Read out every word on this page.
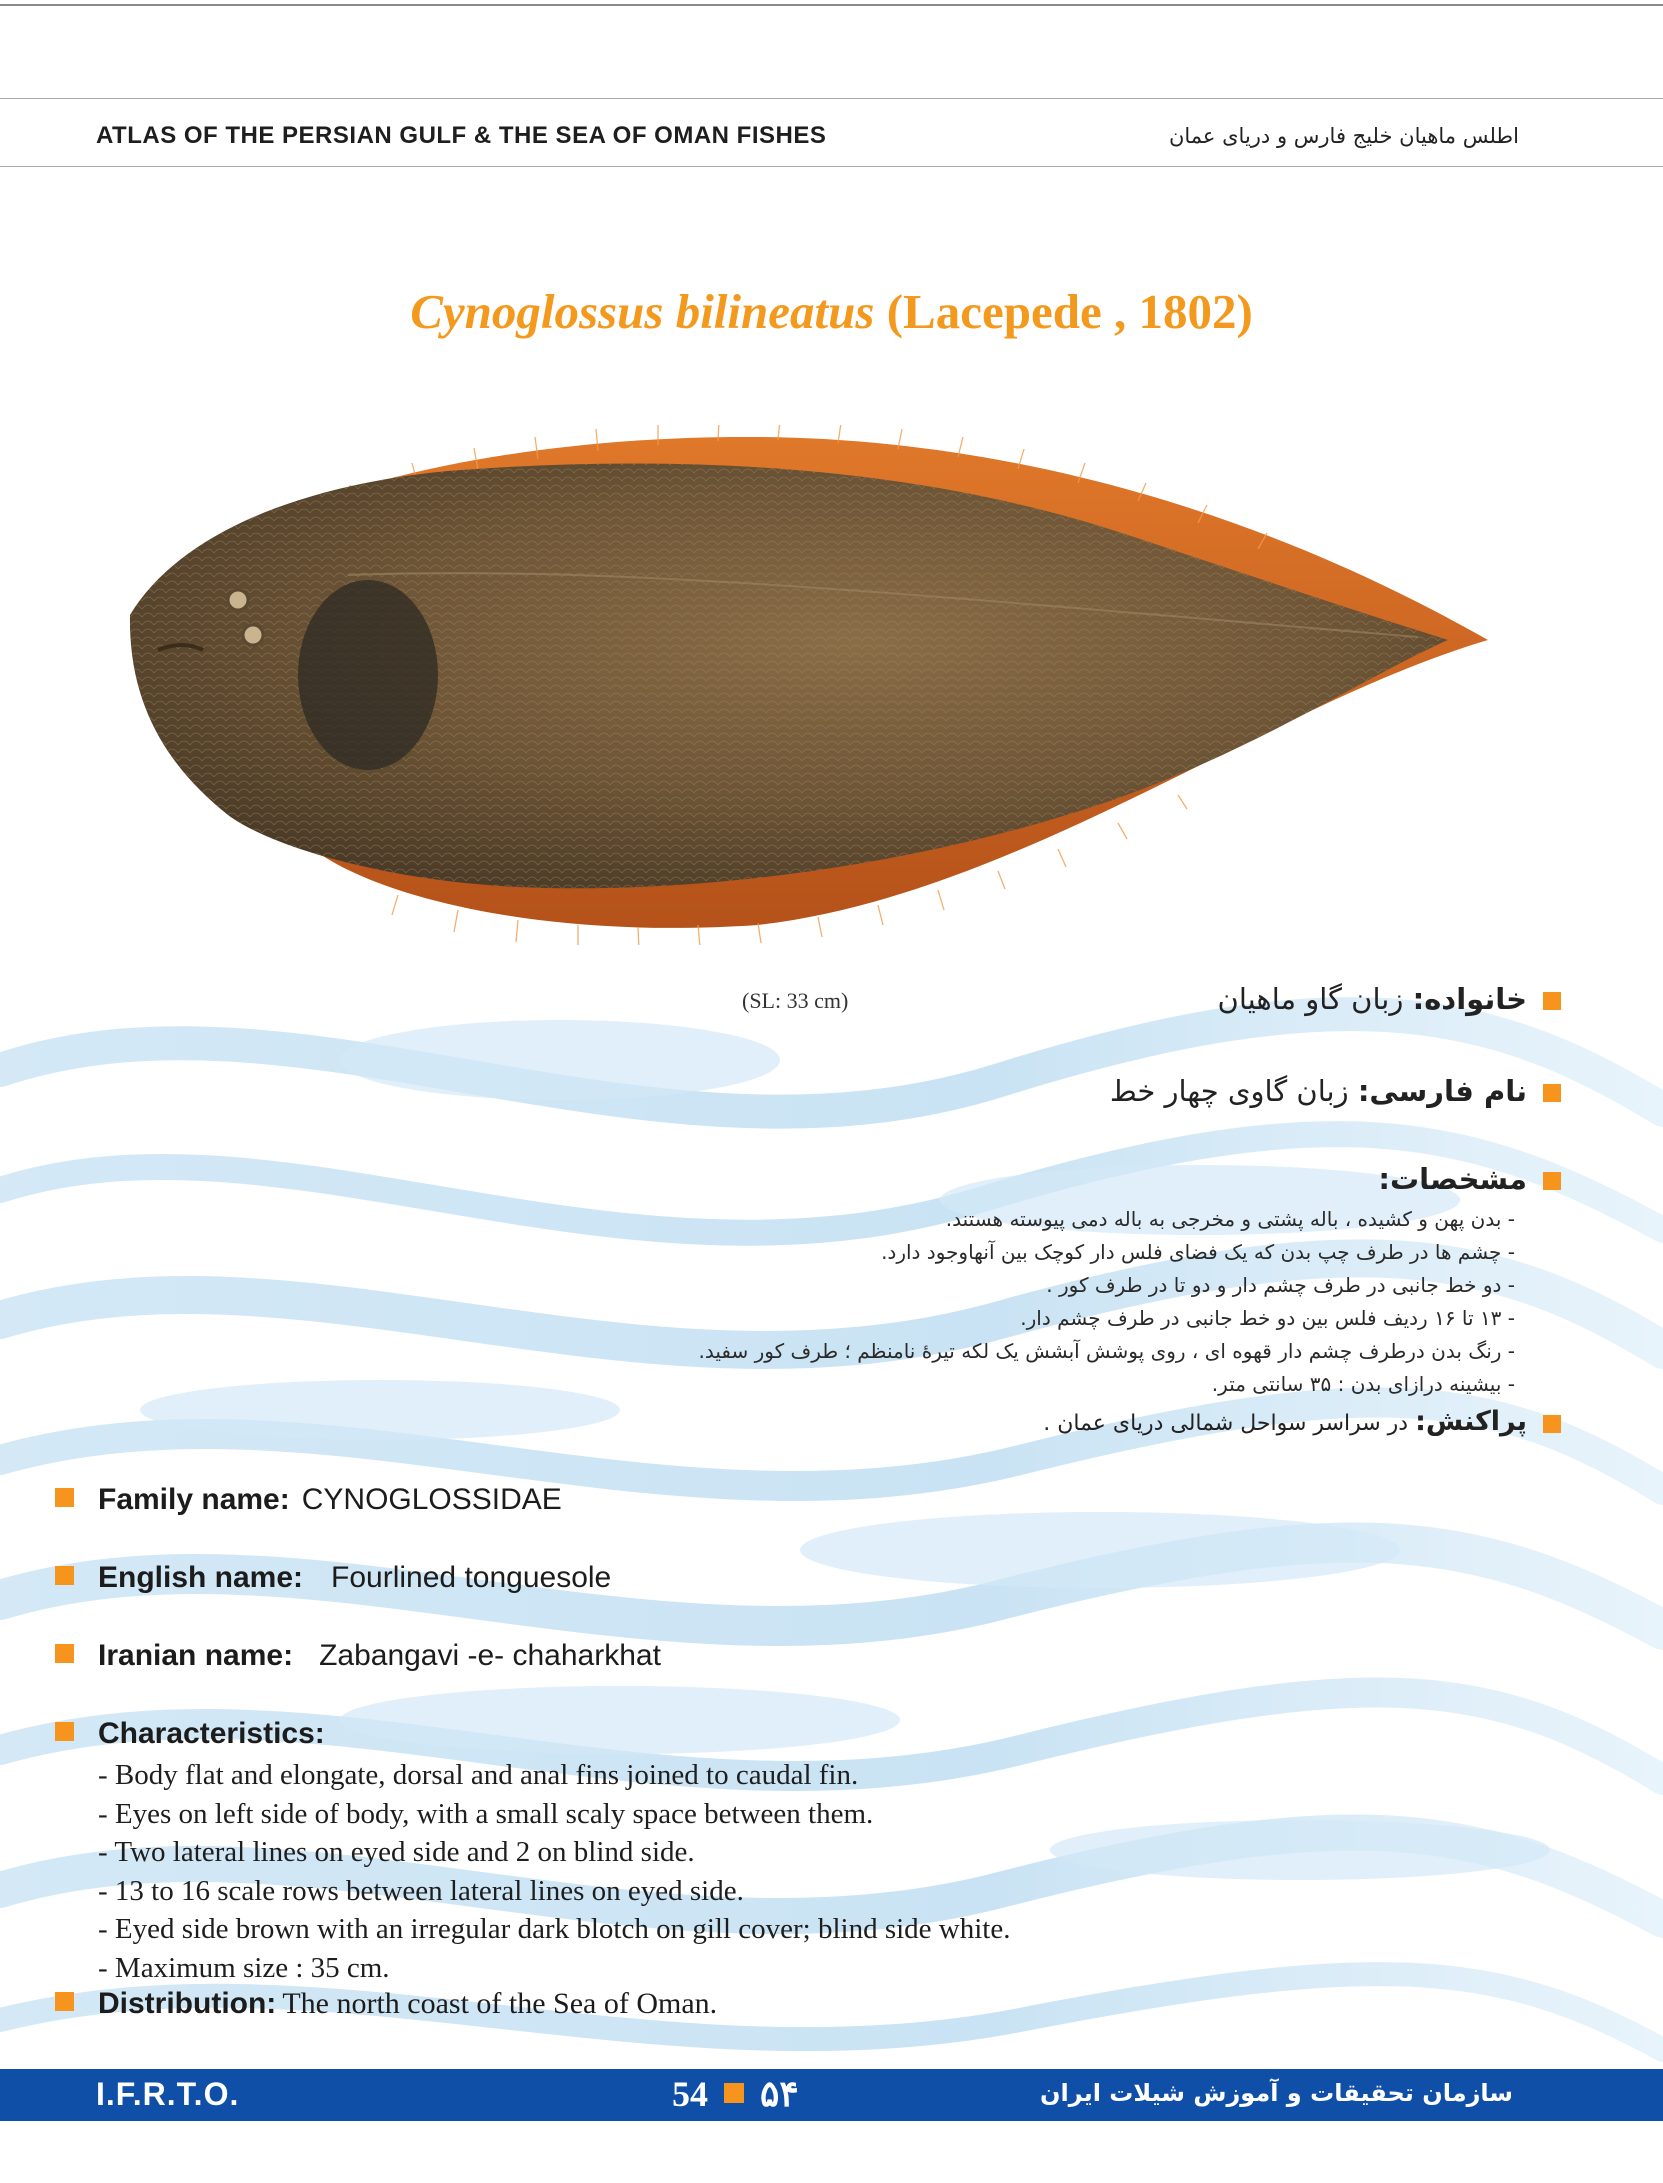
ATLAS OF THE PERSIAN GULF & THE SEA OF OMAN FISHES	اطلس ماهیان خلیج فارس و دریای عمان
Cynoglossus bilineatus (Lacepede , 1802)
(SL: 33 cm)	خانواده: زبان گاو ماهیان
نام فارسی: زبان گاوی چهار خط
مشخصات:
- بدن پهن و کشیده ، باله پشتی و مخرجی به باله دمی پیوسته هستند.
- چشم ها در طرف چپ بدن که یک فضای فلس دار کوچک بین آنهاوجود دارد.
- دو خط جانبی در طرف چشم دار و دو تا در طرف کور .
- ۱۳ تا ۱۶ ردیف فلس بین دو خط جانبی در طرف چشم دار.
- رنگ بدن درطرف چشم دار قهوه ای ، روی پوشش آبشش یک لکه تیرهٔ نامنظم ؛ طرف کور سفید.
- بیشینه درازای بدن : ۳۵ سانتی متر.
پراکنش: در سراسر سواحل شمالی دریای عمان .
Family name: CYNOGLOSSIDAE
English name: Fourlined tonguesole
Iranian name: Zabangavi -e- chaharkhat
Characteristics:
- Body flat and elongate, dorsal and anal fins joined to caudal fin.
- Eyes on left side of body, with a small scaly space between them.
- Two lateral lines on eyed side and 2 on blind side.
- 13 to 16 scale rows between lateral lines on eyed side.
- Eyed side brown with an irregular dark blotch on gill cover; blind side white.
- Maximum size : 35 cm.
Distribution: The north coast of the Sea of Oman.
I.F.R.T.O.	54 ۵۴	سازمان تحقیقات و آموزش شیلات ایران
